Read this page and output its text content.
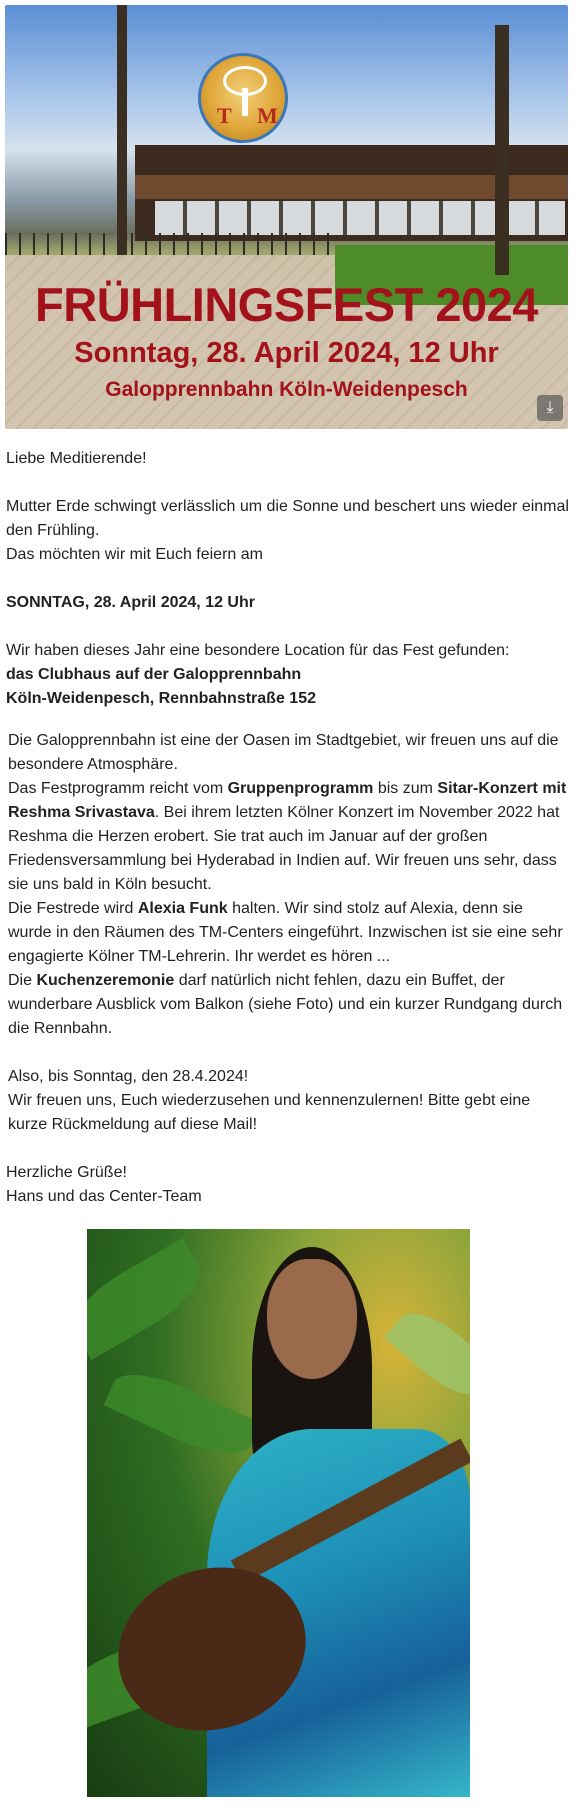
T M
FRÜHLINGSFEST 2024
Sonntag, 28. April 2024, 12 Uhr
Galopprennbahn Köln-Weidenpesch
⤓

Liebe Meditierende!

Mutter Erde schwingt verlässlich um die Sonne und beschert uns wieder einmal den Frühling.
Das möchten wir mit Euch feiern am

SONNTAG, 28. April 2024, 12 Uhr

Wir haben dieses Jahr eine besondere Location für das Fest gefunden:
das Clubhaus auf der Galopprennbahn
Köln-Weidenpesch, Rennbahnstraße 152

Die Galopprennbahn ist eine der Oasen im Stadtgebiet, wir freuen uns auf die besondere Atmosphäre.
Das Festprogramm reicht vom Gruppenprogramm bis zum Sitar-Konzert mit Reshma Srivastava. Bei ihrem letzten Kölner Konzert im November 2022 hat Reshma die Herzen erobert. Sie trat auch im Januar auf der großen Friedensversammlung bei Hyderabad in Indien auf. Wir freuen uns sehr, dass sie uns bald in Köln besucht.
Die Festrede wird Alexia Funk halten. Wir sind stolz auf Alexia, denn sie wurde in den Räumen des TM-Centers eingeführt. Inzwischen ist sie eine sehr engagierte Kölner TM-Lehrerin. Ihr werdet es hören ...
Die Kuchenzeremonie darf natürlich nicht fehlen, dazu ein Buffet, der wunderbare Ausblick vom Balkon (siehe Foto) und ein kurzer Rundgang durch die Rennbahn.

Also, bis Sonntag, den 28.4.2024!
Wir freuen uns, Euch wiederzusehen und kennenzulernen! Bitte gebt eine kurze Rückmeldung auf diese Mail!

Herzliche Grüße!
Hans und das Center-Team
